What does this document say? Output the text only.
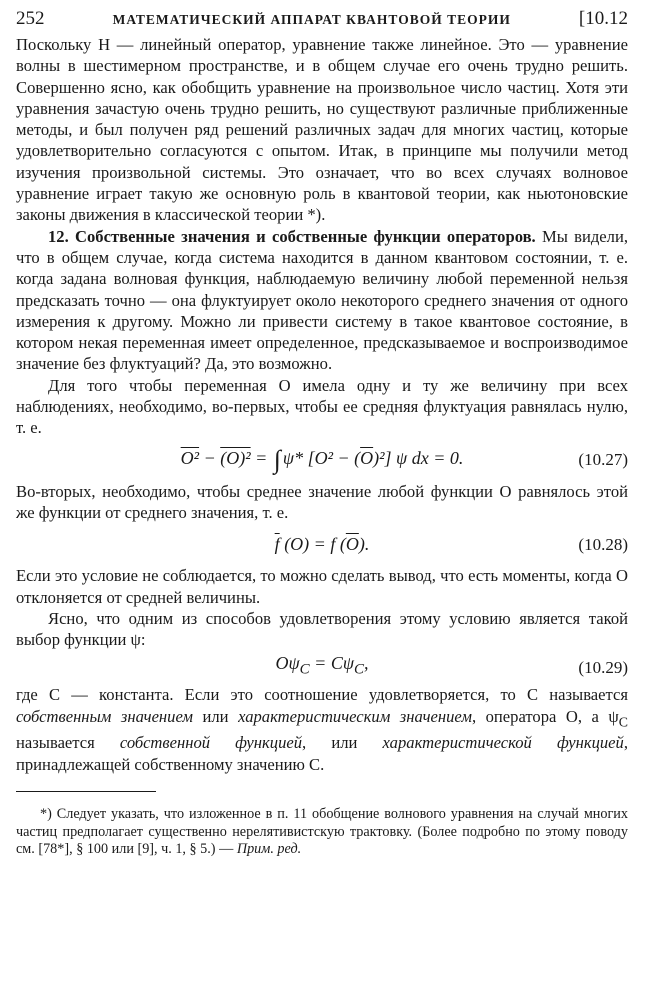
252	МАТЕМАТИЧЕСКИЙ АППАРАТ КВАНТОВОЙ ТЕОРИИ	[10.12

Поскольку H — линейный оператор, уравнение также линейное. Это — уравнение волны в шестимерном пространстве, и в общем случае его очень трудно решить. Совершенно ясно, как обобщить уравнение на произвольное число частиц. Хотя эти уравнения зачастую очень трудно решить, но существуют различные приближенные методы, и был получен ряд решений различных задач для многих частиц, которые удовлетворительно согласуются с опытом. Итак, в принципе мы получили метод изучения произвольной системы. Это означает, что во всех случаях волновое уравнение играет такую же основную роль в квантовой теории, как ньютоновские законы движения в классической теории *).

12. Собственные значения и собственные функции операторов. Мы видели, что в общем случае, когда система находится в данном квантовом состоянии, т. е. когда задана волновая функция, наблюдаемую величину любой переменной нельзя предсказать точно — она флуктуирует около некоторого среднего значения от одного измерения к другому. Можно ли привести систему в такое квантовое состояние, в котором некая переменная имеет определенное, предсказываемое и воспроизводимое значение без флуктуаций? Да, это возможно.

Для того чтобы переменная O имела одну и ту же величину при всех наблюдениях, необходимо, во-первых, чтобы ее средняя флуктуация равнялась нулю, т. е.

O² − (O)² = ∫ ψ* $[O^2 - (\overline{O})^2]$ ψ dx = 0.	(10.27)

Во-вторых, необходимо, чтобы среднее значение любой функции O равнялось этой же функции от среднего значения, т. е.

$\overline{f}$ (O) = f $(\overline{O})$.	(10.28)

Если это условие не соблюдается, то можно сделать вывод, что есть моменты, когда O отклоняется от средней величины.

Ясно, что одним из способов удовлетворения этому условию является такой выбор функции ψ:

$O\psi_C = C\psi_C$,	(10.29)

где C — константа. Если это соотношение удовлетворяется, то C называется собственным значением или характеристическим значением, оператора O, а $\psi_C$ называется собственной функцией, или характеристической функцией, принадлежащей собственному значению C.

*) Следует указать, что изложенное в п. 11 обобщение волнового уравнения на случай многих частиц предполагает существенно нерелятивистскую трактовку. (Более подробно по этому поводу см. [78*], § 100 или [9], ч. 1, § 5.) — Прим. ред.
